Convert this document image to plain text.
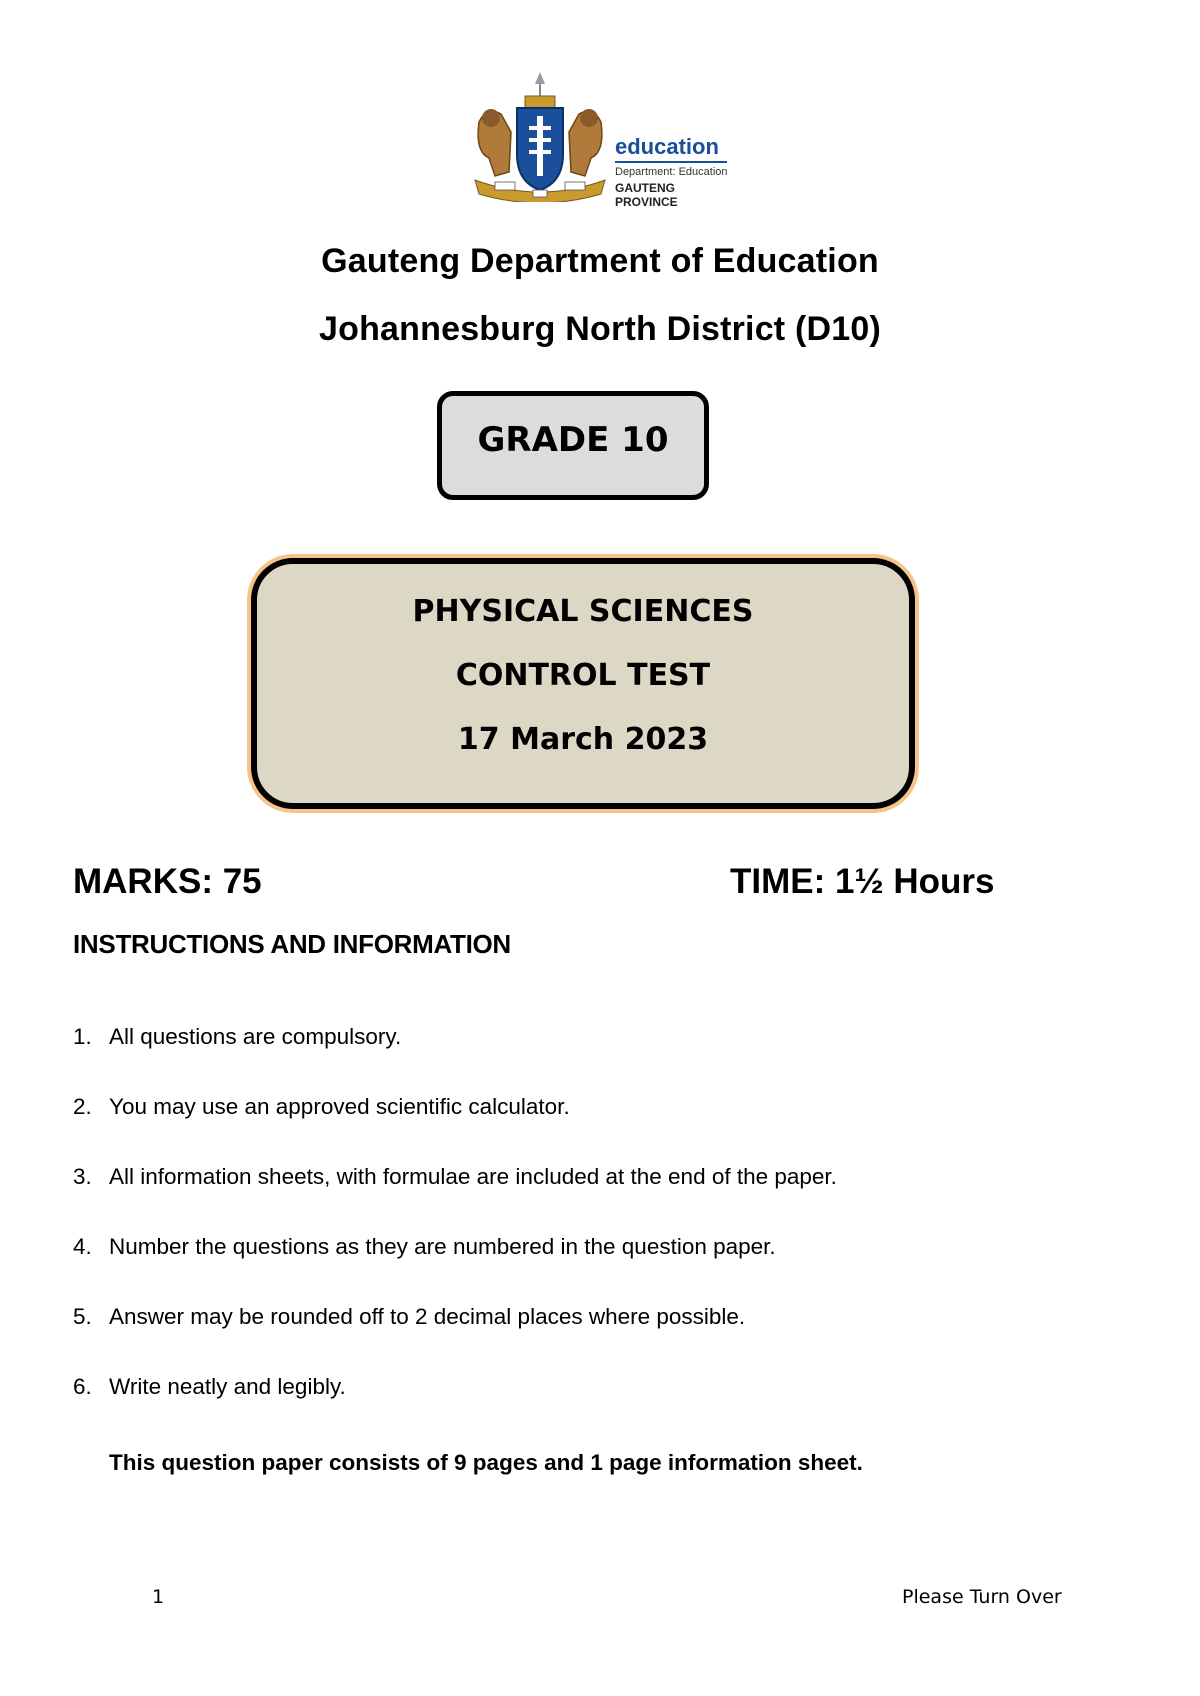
education
Department: Education
GAUTENG PROVINCE
Gauteng Department of Education
Johannesburg North District (D10)
GRADE 10
PHYSICAL SCIENCES
CONTROL TEST
17 March 2023
MARKS: 75	TIME: 1½ Hours
INSTRUCTIONS AND INFORMATION
1. All questions are compulsory.
2. You may use an approved scientific calculator.
3. All information sheets, with formulae are included at the end of the paper.
4. Number the questions as they are numbered in the question paper.
5. Answer may be rounded off to 2 decimal places where possible.
6. Write neatly and legibly.
This question paper consists of 9 pages and 1 page information sheet.
1	Please Turn Over
